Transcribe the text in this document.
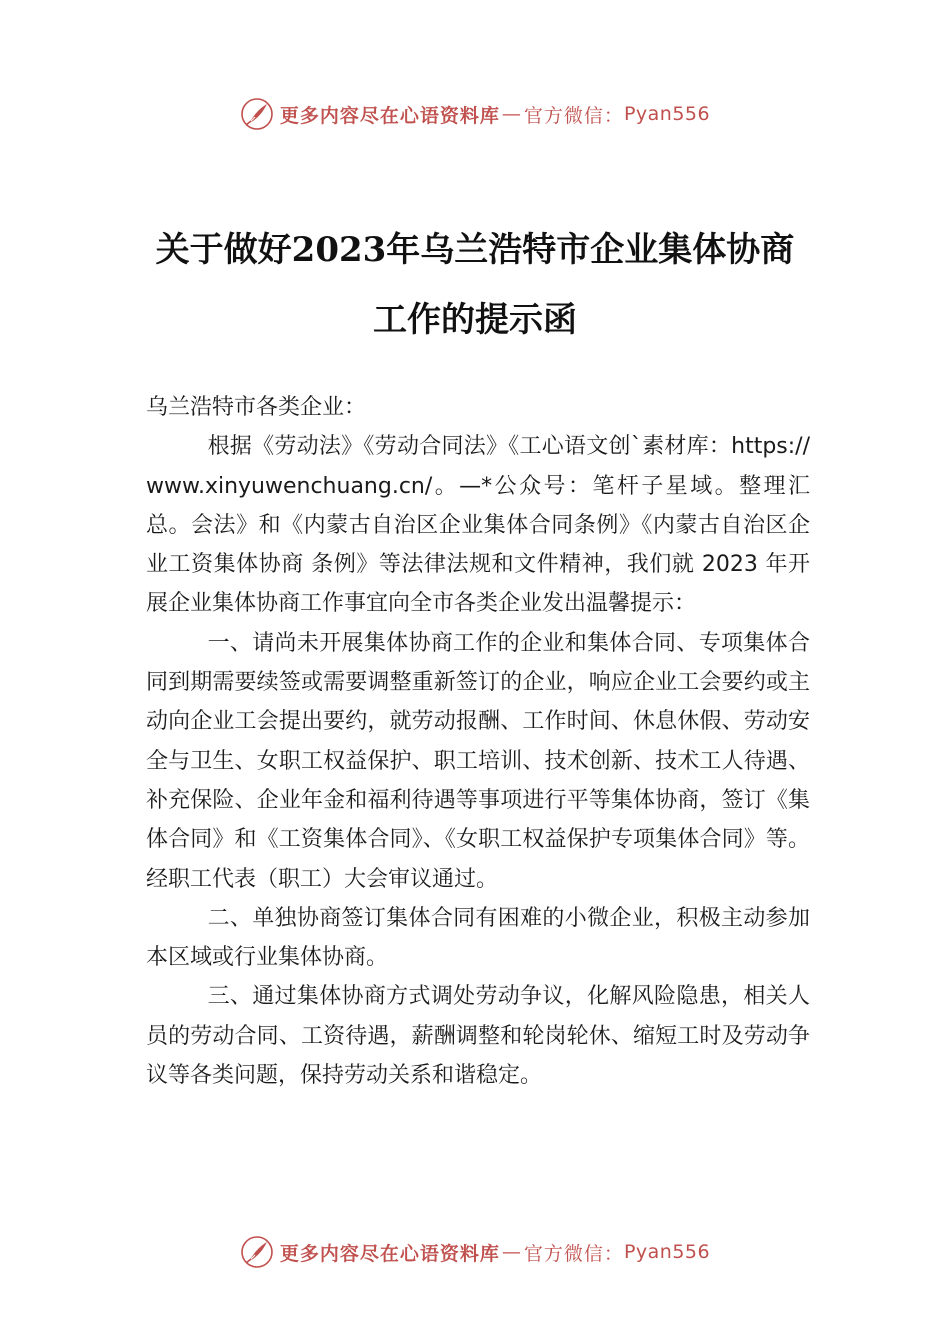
更多内容尽在心语资料库 — 官方微信： Pyan556
关于做好2023年乌兰浩特市企业集体协商
工作的提示函

乌兰浩特市各类企业：

根据《劳动法》《劳动合同法》《工心语文创`素材库：https://www.xinyuwenchuang.cn/。—*公众号：笔杆子星域。整理汇总。会法》和《内蒙古自治区企业集体合同条例》《内蒙古自治区企业工资集体协商 条例》等法律法规和文件精神，我们就 2023 年开展企业集体协商工作事宜向全市各类企业发出温馨提示：

一、请尚未开展集体协商工作的企业和集体合同、专项集体合同到期需要续签或需要调整重新签订的企业，响应企业工会要约或主动向企业工会提出要约，就劳动报酬、工作时间、休息休假、劳动安全与卫生、女职工权益保护、职工培训、技术创新、技术工人待遇、补充保险、企业年金和福利待遇等事项进行平等集体协商，签订《集体合同》和《工资集体合同》、《女职工权益保护专项集体合同》等。经职工代表（职工）大会审议通过。

二、单独协商签订集体合同有困难的小微企业，积极主动参加本区域或行业集体协商。

三、通过集体协商方式调处劳动争议，化解风险隐患，相关人员的劳动合同、工资待遇，薪酬调整和轮岗轮休、缩短工时及劳动争议等各类问题，保持劳动关系和谐稳定。

更多内容尽在心语资料库 — 官方微信： Pyan556
